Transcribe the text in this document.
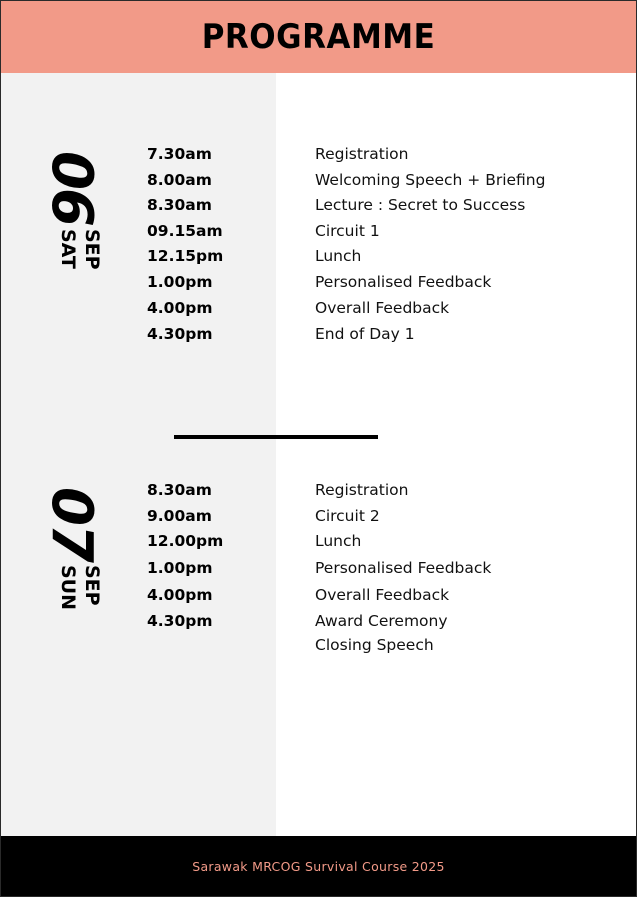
PROGRAMME
06
SEP
SAT
7.30am	Registration
8.00am	Welcoming Speech + Briefing
8.30am	Lecture : Secret to Success
09.15am	Circuit 1
12.15pm	Lunch
1.00pm	Personalised Feedback
4.00pm	Overall Feedback
4.30pm	End of Day 1
07
SEP
SUN
8.30am	Registration
9.00am	Circuit 2
12.00pm	Lunch
1.00pm	Personalised Feedback
4.00pm	Overall Feedback
4.30pm	Award Ceremony
Closing Speech
Sarawak MRCOG Survival Course 2025
